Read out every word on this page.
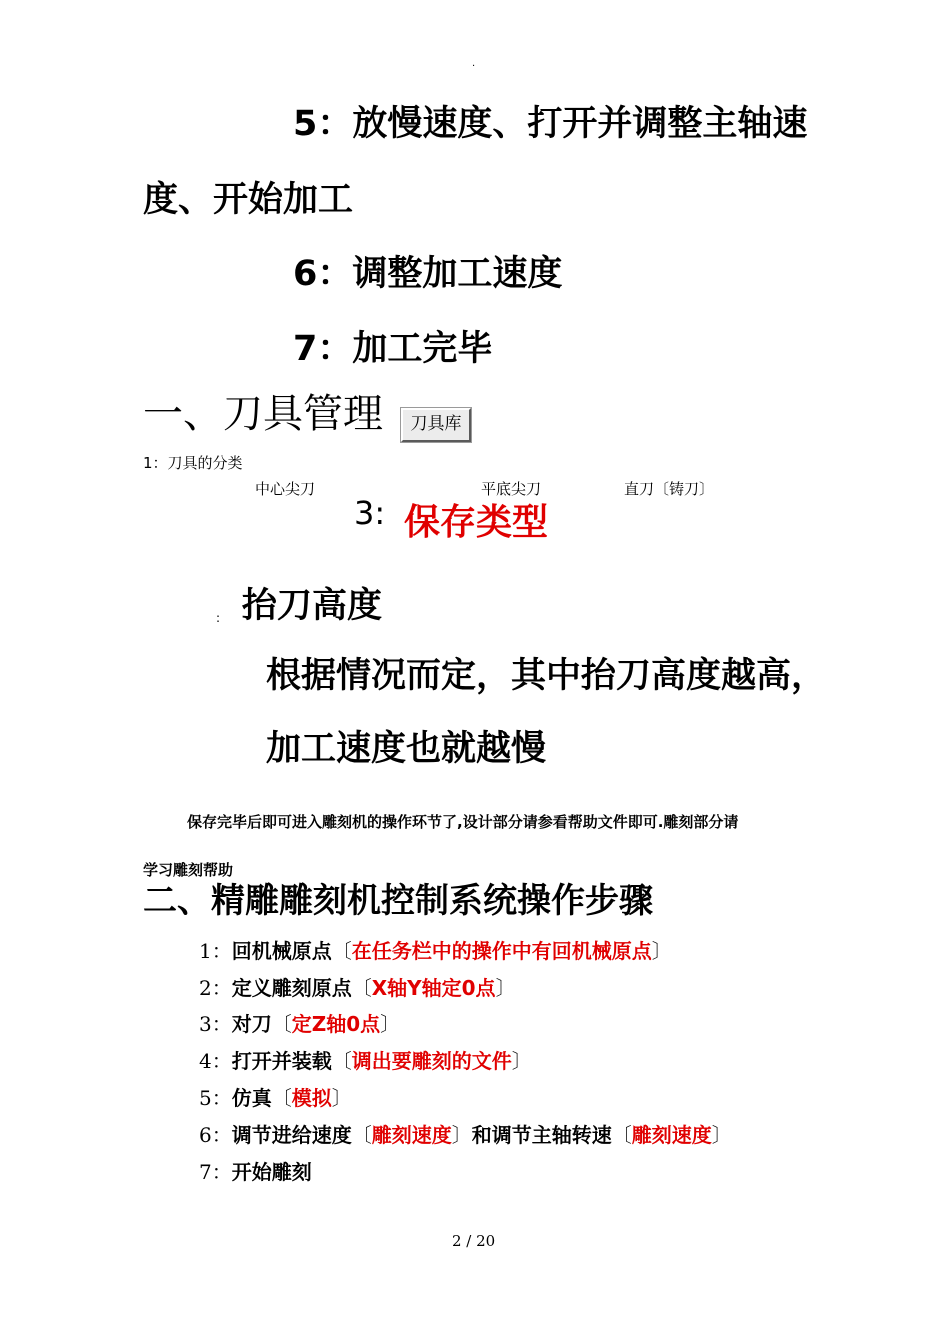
.
5：放慢速度、打开并调整主轴速
度、开始加工
6：调整加工速度
7：加工完毕
一、刀具管理	刀具库
1：刀具的分类
中心尖刀	平底尖刀	直刀〔铸刀〕
3: 保存类型
抬刀高度
:
根据情况而定，其中抬刀高度越高，
加工速度也就越慢
保存完毕后即可进入雕刻机的操作环节了,设计部分请参看帮助文件即可.雕刻部分请
学习雕刻帮助
二、精雕雕刻机控制系统操作步骤
1：回机械原点〔在任务栏中的操作中有回机械原点〕
2：定义雕刻原点〔X轴Y轴定0点〕
3：对刀〔定Z轴0点〕
4：打开并装载〔调出要雕刻的文件〕
5：仿真〔模拟〕
6：调节进给速度〔雕刻速度〕和调节主轴转速〔雕刻速度〕
7：开始雕刻
2 / 20
